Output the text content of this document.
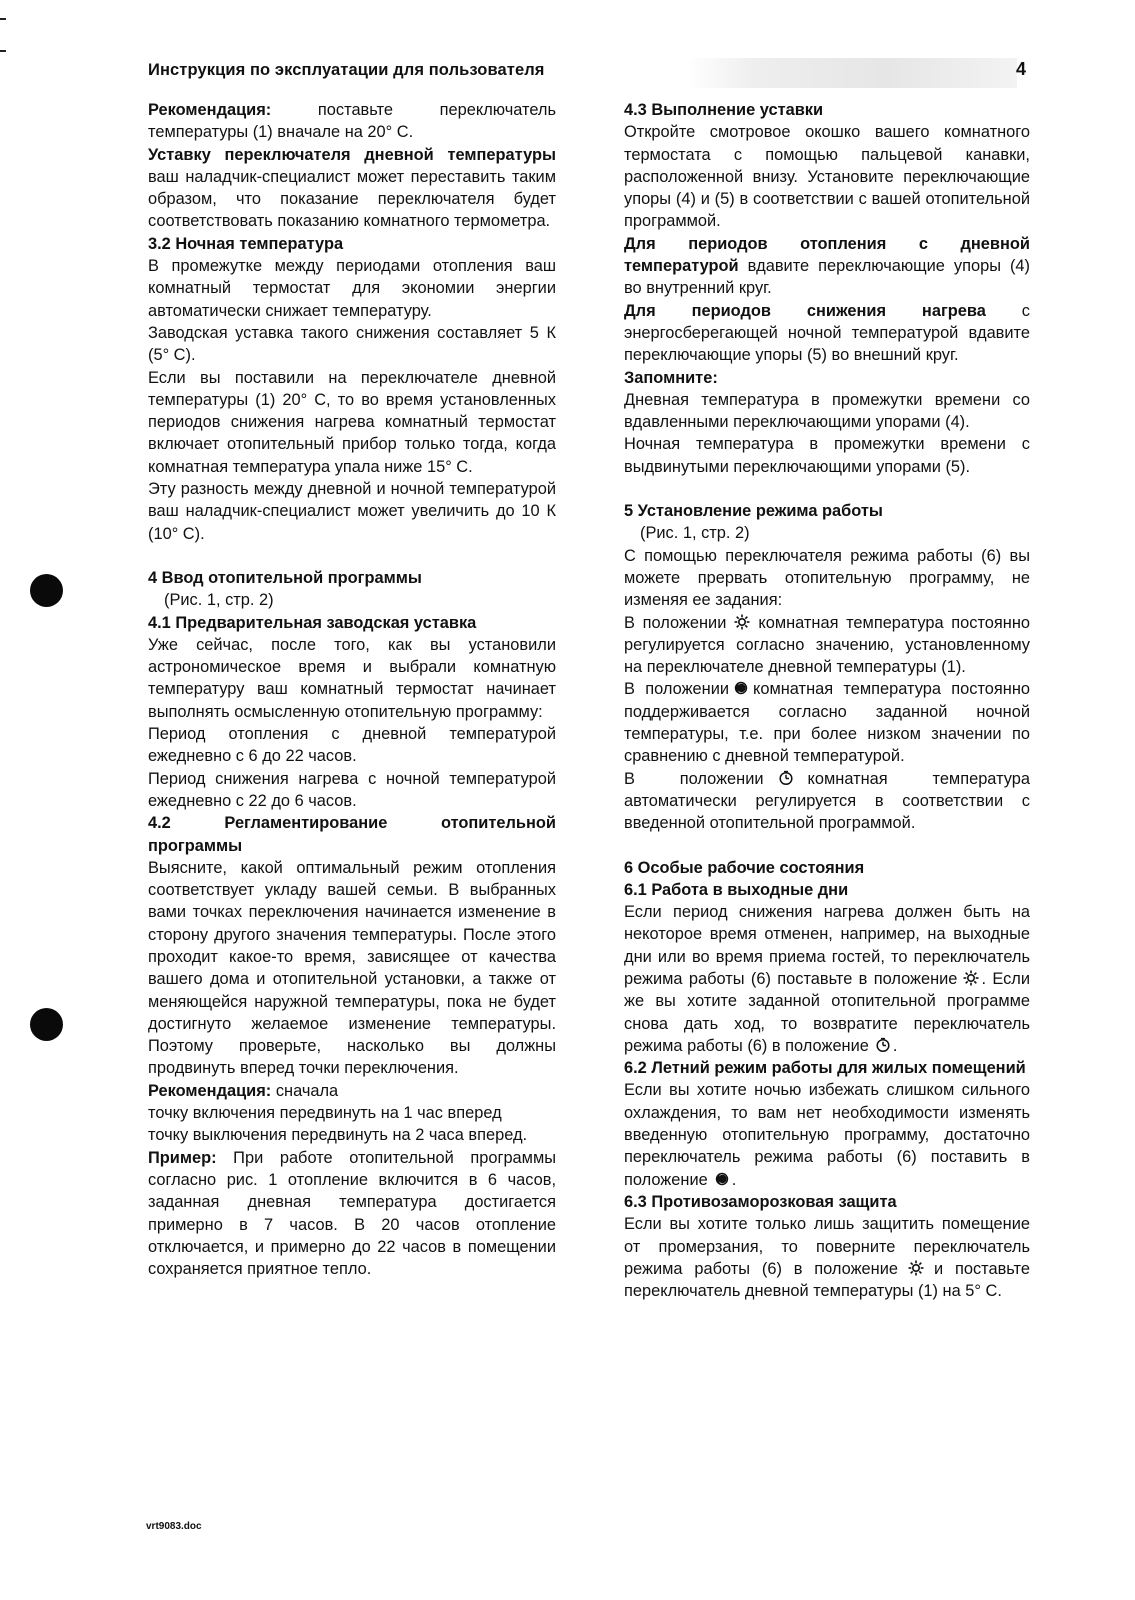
Инструкция по эксплуатации для пользователя	4

Рекомендация: поставьте переключатель температуры (1) вначале на 20° С.

Уставку переключателя дневной температуры ваш наладчик-специалист может переставить таким образом, что показание переключателя будет соответствовать показанию комнатного термометра.

3.2 Ночная температура

В промежутке между периодами отопления ваш комнатный термостат для экономии энергии автоматически снижает температуру.

Заводская уставка такого снижения составляет 5 К (5° С).

Если вы поставили на переключателе дневной температуры (1) 20° С, то во время установленных периодов снижения нагрева комнатный термостат включает отопительный прибор только тогда, когда комнатная температура упала ниже 15° С.

Эту разность между дневной и ночной температурой ваш наладчик-специалист может увеличить до 10 К (10° С).

4 Ввод отопительной программы

(Рис. 1, стр. 2)

4.1 Предварительная заводская уставка

Уже сейчас, после того, как вы установили астрономическое время и выбрали комнатную температуру ваш комнатный термостат начинает выполнять осмысленную отопительную программу:

Период отопления с дневной температурой ежедневно с 6 до 22 часов.

Период снижения нагрева с ночной температурой ежедневно с 22 до 6 часов.

4.2 Регламентирование отопительной программы

Выясните, какой оптимальный режим отопления соответствует укладу вашей семьи. В выбранных вами точках переключения начинается изменение в сторону другого значения температуры. После этого проходит какое-то время, зависящее от качества вашего дома и отопительной установки, а также от меняющейся наружной температуры, пока не будет достигнуто желаемое изменение температуры. Поэтому проверьте, насколько вы должны продвинуть вперед точки переключения.

Рекомендация: сначала

точку включения передвинуть на 1 час вперед

точку выключения передвинуть на 2 часа вперед.

Пример: При работе отопительной программы согласно рис. 1 отопление включится в 6 часов, заданная дневная температура достигается примерно в 7 часов. В 20 часов отопление отключается, и примерно до 22 часов в помещении сохраняется приятное тепло.

4.3 Выполнение уставки

Откройте смотровое окошко вашего комнатного термостата с помощью пальцевой канавки, расположенной внизу. Установите переключающие упоры (4) и (5) в соответствии с вашей отопительной программой.

Для периодов отопления с дневной температурой вдавите переключающие упоры (4) во внутренний круг.

Для периодов снижения нагрева с энергосберегающей ночной температурой вдавите переключающие упоры (5) во внешний круг.

Запомните:

Дневная температура в промежутки времени со вдавленными переключающими упорами (4).

Ночная температура в промежутки времени с выдвинутыми переключающими упорами (5).

5 Установление режима работы

(Рис. 1, стр. 2)

С помощью переключателя режима работы (6) вы можете прервать отопительную программу, не изменяя ее задания:

В положении комнатная температура постоянно регулируется согласно значению, установленному на переключателе дневной температуры (1).

В положении комнатная температура постоянно поддерживается согласно заданной ночной температуры, т.е. при более низком значении по сравнению с дневной температурой.

В положении	комнатная температура автоматически регулируется в соответствии с введенной отопительной программой.

6 Особые рабочие состояния

6.1 Работа в выходные дни

Если период снижения нагрева должен быть на некоторое время отменен, например, на выходные дни или во время приема гостей, то переключатель режима работы (6) поставьте в положение . Если же вы хотите заданной отопительной программе снова дать ход, то возвратите переключатель режима работы (6) в положение .

6.2 Летний режим работы для жилых помещений

Если вы хотите ночью избежать слишком сильного охлаждения, то вам нет необходимости изменять введенную отопительную программу, достаточно переключатель режима работы (6) поставить в положение .

6.3 Противозаморозковая защита

Если вы хотите только лишь защитить помещение от промерзания, то поверните переключатель режима работы (6) в положение и поставьте переключатель дневной температуры (1) на 5° С.

vrt9083.doc
